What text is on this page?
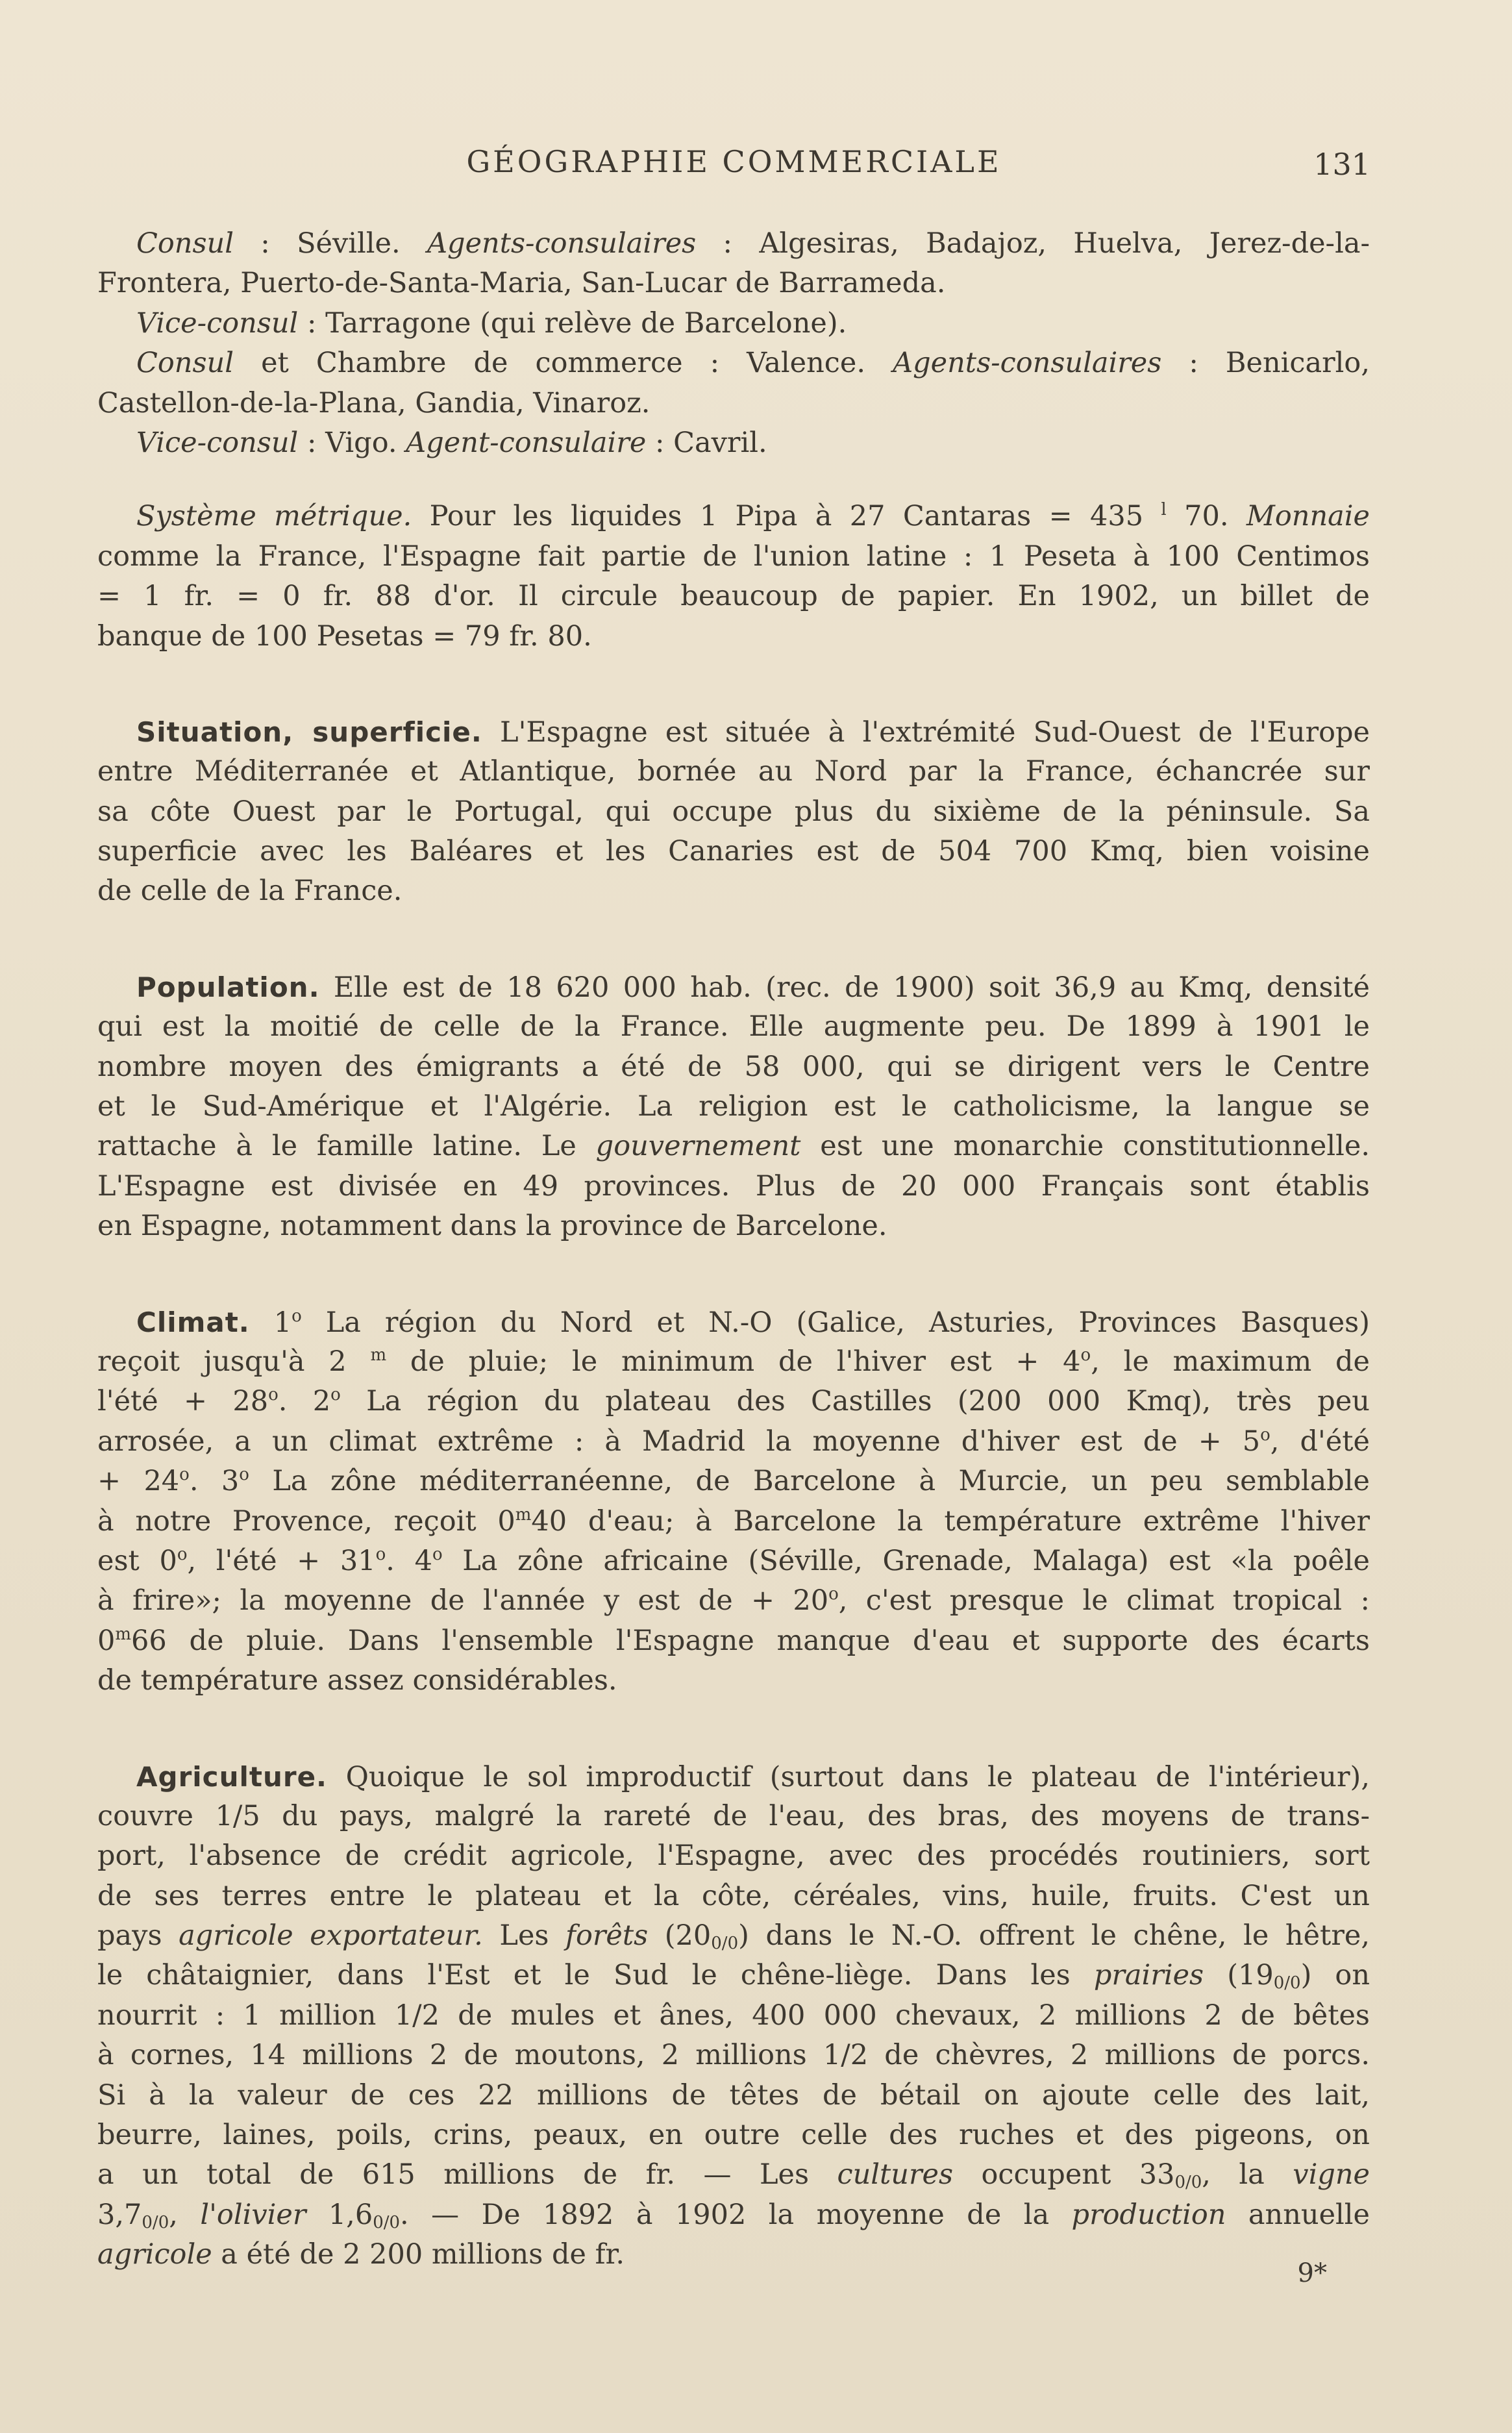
GÉOGRAPHIE COMMERCIALE	131
Consul : Séville. Agents-consulaires : Algesiras, Badajoz, Huelva, Jerez-de-la-
Frontera, Puerto-de-Santa-Maria, San-Lucar de Barrameda.
Vice-consul : Tarragone (qui relève de Barcelone).
Consul et Chambre de commerce : Valence. Agents-consulaires : Benicarlo,
Castellon-de-la-Plana, Gandia, Vinaroz.
Vice-consul : Vigo. Agent-consulaire : Cavril.
Système métrique. Pour les liquides 1 Pipa à 27 Cantaras = 435 $^l$ 70. Monnaie
comme la France, l'Espagne fait partie de l'union latine : 1 Peseta à 100 Centimos
= 1 fr. = 0 fr. 88 d'or. Il circule beaucoup de papier. En 1902, un billet de
banque de 100 Pesetas = 79 fr. 80.
Situation, superficie. L'Espagne est située à l'extrémité Sud-Ouest de l'Europe
entre Méditerranée et Atlantique, bornée au Nord par la France, échancrée sur
sa côte Ouest par le Portugal, qui occupe plus du sixième de la péninsule. Sa
superficie avec les Baléares et les Canaries est de 504 700 Kmq, bien voisine
de celle de la France.
Population. Elle est de 18 620 000 hab. (rec. de 1900) soit 36,9 au Kmq, densité
qui est la moitié de celle de la France. Elle augmente peu. De 1899 à 1901 le
nombre moyen des émigrants a été de 58 000, qui se dirigent vers le Centre
et le Sud-Amérique et l'Algérie. La religion est le catholicisme, la langue se
rattache à le famille latine. Le gouvernement est une monarchie constitutionnelle.
L'Espagne est divisée en 49 provinces. Plus de 20 000 Français sont établis
en Espagne, notamment dans la province de Barcelone.
Climat. 1$^o$ La région du Nord et N.-O (Galice, Asturies, Provinces Basques)
reçoit jusqu'à 2 $^m$ de pluie; le minimum de l'hiver est + $4^o$, le maximum de
l'été + $28^o$. 2$^o$ La région du plateau des Castilles (200 000 Kmq), très peu
arrosée, a un climat extrême : à Madrid la moyenne d'hiver est de + $5^o$, d'été
+ $24^o$. 3$^o$ La zône méditerranéenne, de Barcelone à Murcie, un peu semblable
à notre Provence, reçoit 0$^m$40 d'eau; à Barcelone la température extrême l'hiver
est 0$^o$, l'été + $31^o$. 4$^o$ La zône africaine (Séville, Grenade, Malaga) est «la poêle
à frire»; la moyenne de l'année y est de + $20^o$, c'est presque le climat tropical :
0$^m$66 de pluie. Dans l'ensemble l'Espagne manque d'eau et supporte des écarts
de température assez considérables.
Agriculture. Quoique le sol improductif (surtout dans le plateau de l'intérieur),
couvre 1/5 du pays, malgré la rareté de l'eau, des bras, des moyens de trans-
port, l'absence de crédit agricole, l'Espagne, avec des procédés routiniers, sort
de ses terres entre le plateau et la côte, céréales, vins, huile, fruits. C'est un
pays agricole exportateur. Les forêts $(20_{0/0})$ dans le N.-O. offrent le chêne, le hêtre,
le châtaignier, dans l'Est et le Sud le chêne-liège. Dans les prairies $(19_{0/0})$ on
nourrit : 1 million 1/2 de mules et ânes, 400 000 chevaux, 2 millions 2 de bêtes
à cornes, 14 millions 2 de moutons, 2 millions 1/2 de chèvres, 2 millions de porcs.
Si à la valeur de ces 22 millions de têtes de bétail on ajoute celle des lait,
beurre, laines, poils, crins, peaux, en outre celle des ruches et des pigeons, on
a un total de 615 millions de fr. — Les cultures occupent $33_{0/0}$, la vigne
$3,7_{0/0}$, l'olivier $1,6_{0/0}$. — De 1892 à 1902 la moyenne de la production annuelle
agricole a été de 2 200 millions de fr.
9*
